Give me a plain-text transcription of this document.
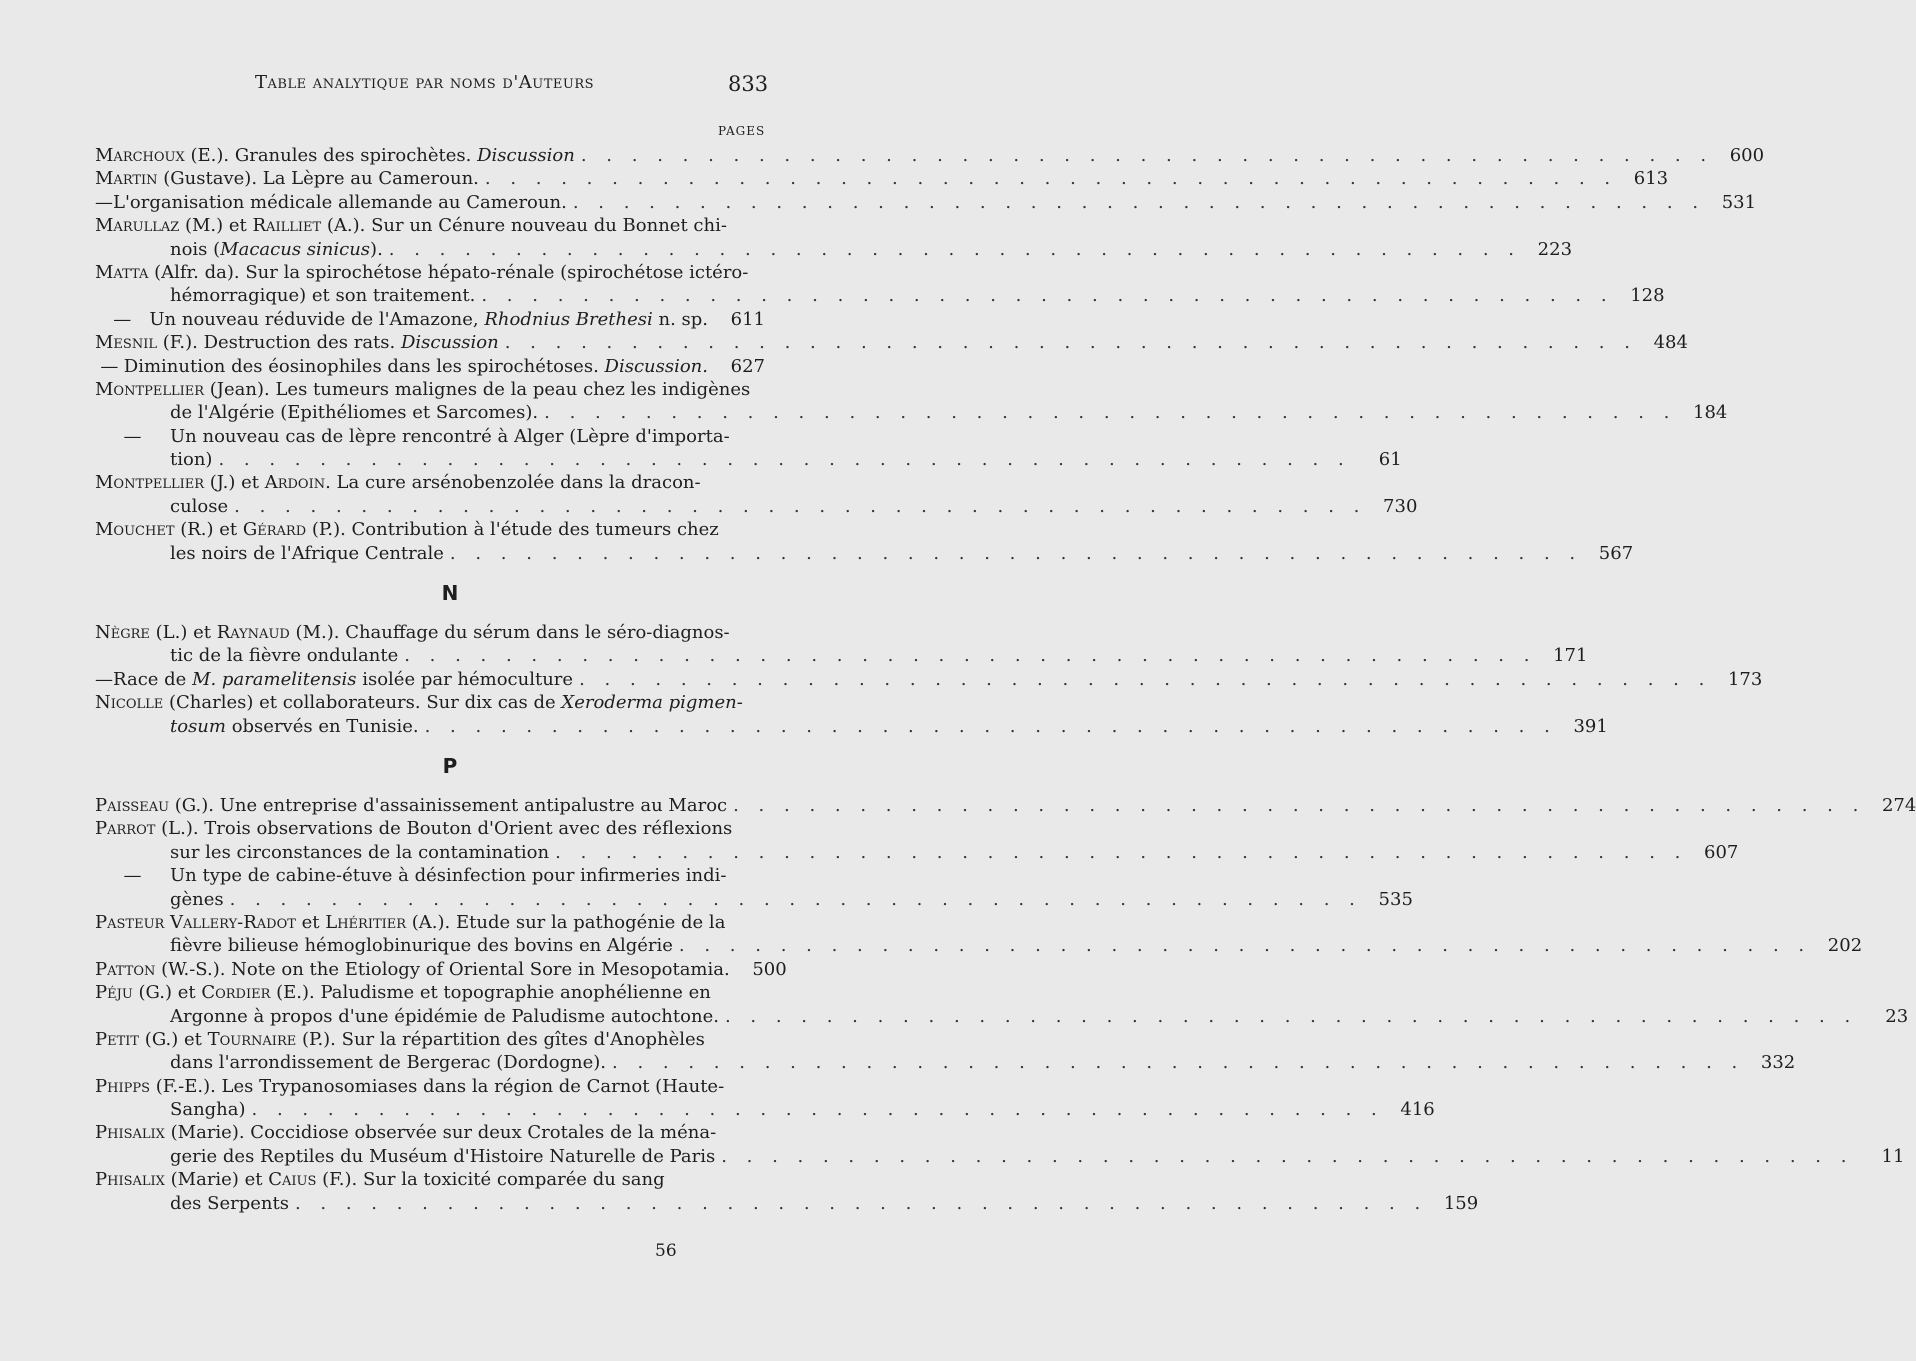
Table analytique par noms d'Auteurs	833
PAGES
Marchoux (E.). Granules des spirochètes. Discussion . . . . . . . . . . . . . . . . . . . . . . . . . . . . . . . . . . . . . . . . . . . . . 600
Martin (Gustave). La Lèpre au Cameroun. . . . . . . . . . . . . . . . . . . . . . . . . . . . . . . . . . . . . . . . . . . . . . 613
— L'organisation médicale allemande au Cameroun. . . . . . . . . . . . . . . . . . . . . . . . . . . . . . . . . . . . . . . . . . . . . . 531
Marullaz (M.) et Railliet (A.). Sur un Cénure nouveau du Bonnet chi-
nois (Macacus sinicus). . . . . . . . . . . . . . . . . . . . . . . . . . . . . . . . . . . . . . . . . . . . . . 223
Matta (Alfr. da). Sur la spirochétose hépato-rénale (spirochétose ictéro-
hémorragique) et son traitement. . . . . . . . . . . . . . . . . . . . . . . . . . . . . . . . . . . . . . . . . . . . . . 128
—	Un nouveau réduvide de l'Amazone, Rhodnius Brethesi n. sp.	611
Mesnil (F.). Destruction des rats. Discussion . . . . . . . . . . . . . . . . . . . . . . . . . . . . . . . . . . . . . . . . . . . . . 484
— Diminution des éosinophiles dans les spirochétoses. Discussion.	627
Montpellier (Jean). Les tumeurs malignes de la peau chez les indigènes
de l'Algérie (Epithéliomes et Sarcomes). . . . . . . . . . . . . . . . . . . . . . . . . . . . . . . . . . . . . . . . . . . . . . 184
—	Un nouveau cas de lèpre rencontré à Alger (Lèpre d'importa-
tion) . . . . . . . . . . . . . . . . . . . . . . . . . . . . . . . . . . . . . . . . . . . . .	61
Montpellier (J.) et Ardoin. La cure arsénobenzolée dans la dracon-
culose . . . . . . . . . . . . . . . . . . . . . . . . . . . . . . . . . . . . . . . . . . . . . 730
Mouchet (R.) et Gérard (P.). Contribution à l'étude des tumeurs chez
les noirs de l'Afrique Centrale . . . . . . . . . . . . . . . . . . . . . . . . . . . . . . . . . . . . . . . . . . . . . 567
N
Nègre (L.) et Raynaud (M.). Chauffage du sérum dans le séro-diagnos-
tic de la fièvre ondulante . . . . . . . . . . . . . . . . . . . . . . . . . . . . . . . . . . . . . . . . . . . . . 171
— Race de M. paramelitensis isolée par hémoculture . . . . . . . . . . . . . . . . . . . . . . . . . . . . . . . . . . . . . . . . . . . . . 173
Nicolle (Charles) et collaborateurs. Sur dix cas de Xeroderma pigmen-
tosum observés en Tunisie. . . . . . . . . . . . . . . . . . . . . . . . . . . . . . . . . . . . . . . . . . . . . . 391
P
Paisseau (G.). Une entreprise d'assainissement antipalustre au Maroc . . . . . . . . . . . . . . . . . . . . . . . . . . . . . . . . . . . . . . . . . . . . . 274
Parrot (L.). Trois observations de Bouton d'Orient avec des réflexions
sur les circonstances de la contamination . . . . . . . . . . . . . . . . . . . . . . . . . . . . . . . . . . . . . . . . . . . . . 607
—	Un type de cabine-étuve à désinfection pour infirmeries indi-
gènes . . . . . . . . . . . . . . . . . . . . . . . . . . . . . . . . . . . . . . . . . . . . . 535
Pasteur Vallery-Radot et Lhéritier (A.). Etude sur la pathogénie de la
fièvre bilieuse hémoglobinurique des bovins en Algérie . . . . . . . . . . . . . . . . . . . . . . . . . . . . . . . . . . . . . . . . . . . . . 202
Patton (W.-S.). Note on the Etiology of Oriental Sore in Mesopotamia.	500
Péju (G.) et Cordier (E.). Paludisme et topographie anophélienne en
Argonne à propos d'une épidémie de Paludisme autochtone. . . . . . . . . . . . . . . . . . . . . . . . . . . . . . . . . . . . . . . . . . . . . .	23
Petit (G.) et Tournaire (P.). Sur la répartition des gîtes d'Anophèles
dans l'arrondissement de Bergerac (Dordogne). . . . . . . . . . . . . . . . . . . . . . . . . . . . . . . . . . . . . . . . . . . . . . 332
Phipps (F.-E.). Les Trypanosomiases dans la région de Carnot (Haute-
Sangha) . . . . . . . . . . . . . . . . . . . . . . . . . . . . . . . . . . . . . . . . . . . . . 416
Phisalix (Marie). Coccidiose observée sur deux Crotales de la ména-
gerie des Reptiles du Muséum d'Histoire Naturelle de Paris . . . . . . . . . . . . . . . . . . . . . . . . . . . . . . . . . . . . . . . . . . . . .	11
Phisalix (Marie) et Caius (F.). Sur la toxicité comparée du sang
des Serpents . . . . . . . . . . . . . . . . . . . . . . . . . . . . . . . . . . . . . . . . . . . . . 159
56
